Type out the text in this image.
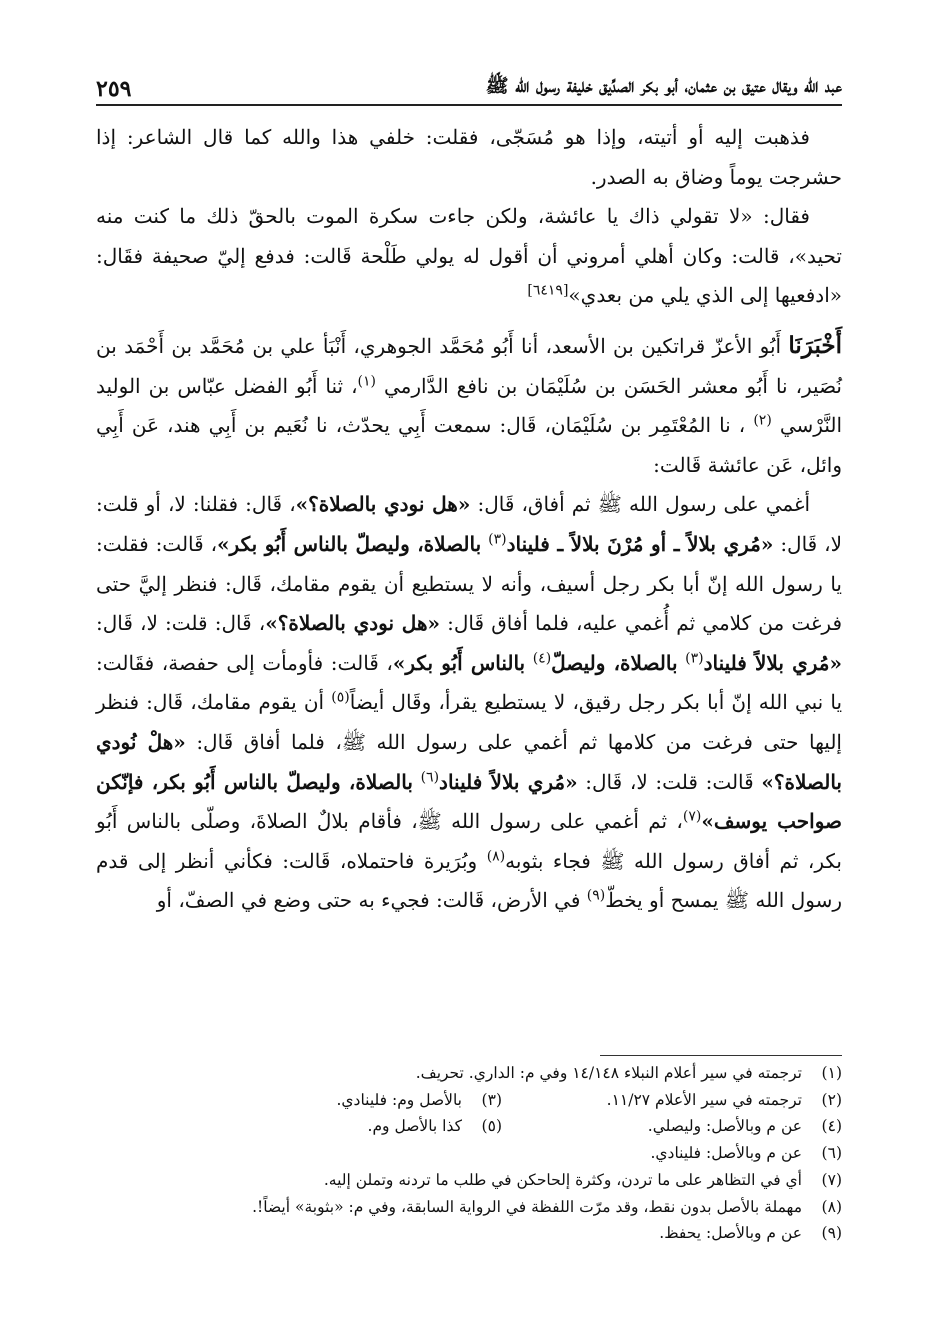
عبد الله ويقال عتيق بن عثمان، أبو بكر الصدِّيق خليفة رسول الله ﷺ
٢٥٩

فذهبت إليه أو أتيته، وإذا هو مُسَجّى، فقلت: خلفي هذا والله كما قال الشاعر: إذا حشرجت يوماً وضاق به الصدر.

فقال: «لا تقولي ذاك يا عائشة، ولكن جاءت سكرة الموت بالحقّ ذلك ما كنت منه تحيد»، قالت: وكان أهلي أمروني أن أقول له يولي طَلْحة قَالت: فدفع إليّ صحيفة فقَال: «ادفعيها إلى الذي يلي من بعدي»[٦٤١٩]

أَخْبَرَنَا أَبُو الأعزّ قراتكين بن الأسعد، أنا أَبُو مُحَمَّد الجوهري، أَنْبَأ علي بن مُحَمَّد بن أَحْمَد بن نُصَير، نا أَبُو معشر الحَسَن بن سُلَيْمَان بن نافع الدَّارمي $^{(١)}$، ثنا أَبُو الفضل عبّاس بن الوليد النَّرْسي $^{(٢)}$ ، نا المُعْتَمِر بن سُلَيْمَان، قَال: سمعت أَبِي يحدّث، نا نُعَيم بن أَبِي هند، عَن أَبِي وائل، عَن عائشة قَالت:

أغمي على رسول الله ﷺ ثم أفاق، قَال: «هل نودي بالصلاة؟»، قَال: فقلنا: لا، أو قلت: لا، قَال: «مُري بلالاً ـ أو مُرْنَ بلالاً ـ فليناد$^{(٣)}$ بالصلاة، وليصلّ بالناس أَبُو بكر»، قَالت: فقلت: يا رسول الله إنّ أبا بكر رجل أسيف، وأنه لا يستطيع أن يقوم مقامك، قَال: فنظر إليَّ حتى فرغت من كلامي ثم أُغمي عليه، فلما أفاق قَال: «هل نودي بالصلاة؟»، قَال: قلت: لا، قَال: «مُري بلالاً فليناد$^{(٣)}$ بالصلاة، وليصلّ$^{(٤)}$ بالناس أَبُو بكر»، قَالت: فأومأت إلى حفصة، فقَالت: يا نبي الله إنّ أبا بكر رجل رقيق، لا يستطيع يقرأ، وقَال أيضاً$^{(٥)}$ أن يقوم مقامك، قَال: فنظر إليها حتى فرغت من كلامها ثم أغمي على رسول الله ﷺ، فلما أفاق قَال: «هلْ نُودي بالصلاة؟» قَالت: قلت: لا، قَال: «مُري بلالاً فليناد$^{(٦)}$ بالصلاة، وليصلّ بالناس أَبُو بكر، فإنّكن صواحب يوسف»$^{(٧)}$، ثم أغمي على رسول الله ﷺ، فأقام بلالٌ الصلاةَ، وصلّى بالناس أَبُو بكر، ثم أفاق رسول الله ﷺ فجاء بثوبه$^{(٨)}$ وبُرَيرة فاحتملاه، قَالت: فكأني أنظر إلى قدم رسول الله ﷺ يمسح أو يخطّ$^{(٩)}$ في الأرض، قَالت: فجيء به حتى وضع في الصفّ، أو

(١)
ترجمته في سير أعلام النبلاء ١٤/١٤٨ وفي م: الداري. تحريف.
(٢)
ترجمته في سير الأعلام ١١/٢٧.
(٣)
بالأصل وم: فلينادي.
(٤)
عن م وبالأصل: وليصلي.
(٥)
كذا بالأصل وم.
(٦)
عن م وبالأصل: فلينادي.
(٧)
أي في التظاهر على ما تردن، وكثرة إلحاحكن في طلب ما تردنه وتملن إليه.
(٨)
مهملة بالأصل بدون نقط، وقد مرّت اللفظة في الرواية السابقة، وفي م: «بثوبة» أيضاً!.
(٩)
عن م وبالأصل: يحفظ.
